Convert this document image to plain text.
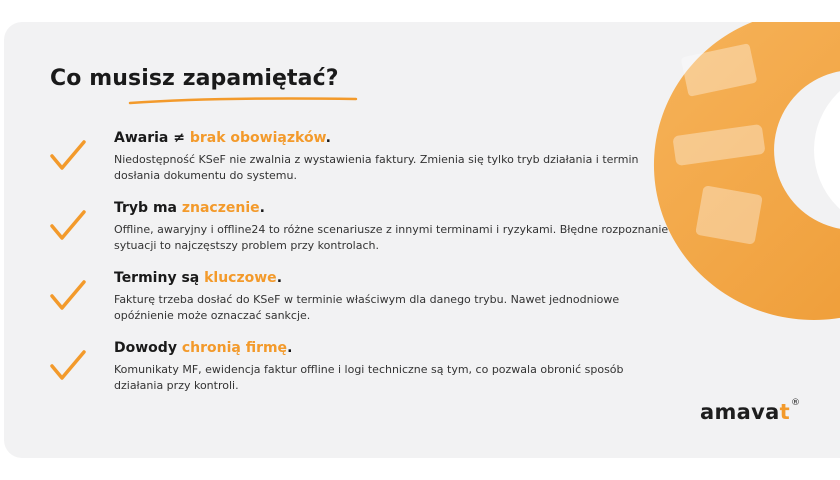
Co musisz zapamiętać?
Awaria ≠ brak obowiązków.
Niedostępność KSeF nie zwalnia z wystawienia faktury. Zmienia się tylko tryb działania i termin dosłania dokumentu do systemu.
Tryb ma znaczenie.
Offline, awaryjny i offline24 to różne scenariusze z innymi terminami i ryzykami. Błędne rozpoznanie sytuacji to najczęstszy problem przy kontrolach.
Terminy są kluczowe.
Fakturę trzeba dosłać do KSeF w terminie właściwym dla danego trybu. Nawet jednodniowe opóźnienie może oznaczać sankcje.
Dowody chronią firmę.
Komunikaty MF, ewidencja faktur offline i logi techniczne są tym, co pozwala obronić sposób działania przy kontroli.
amavat®
